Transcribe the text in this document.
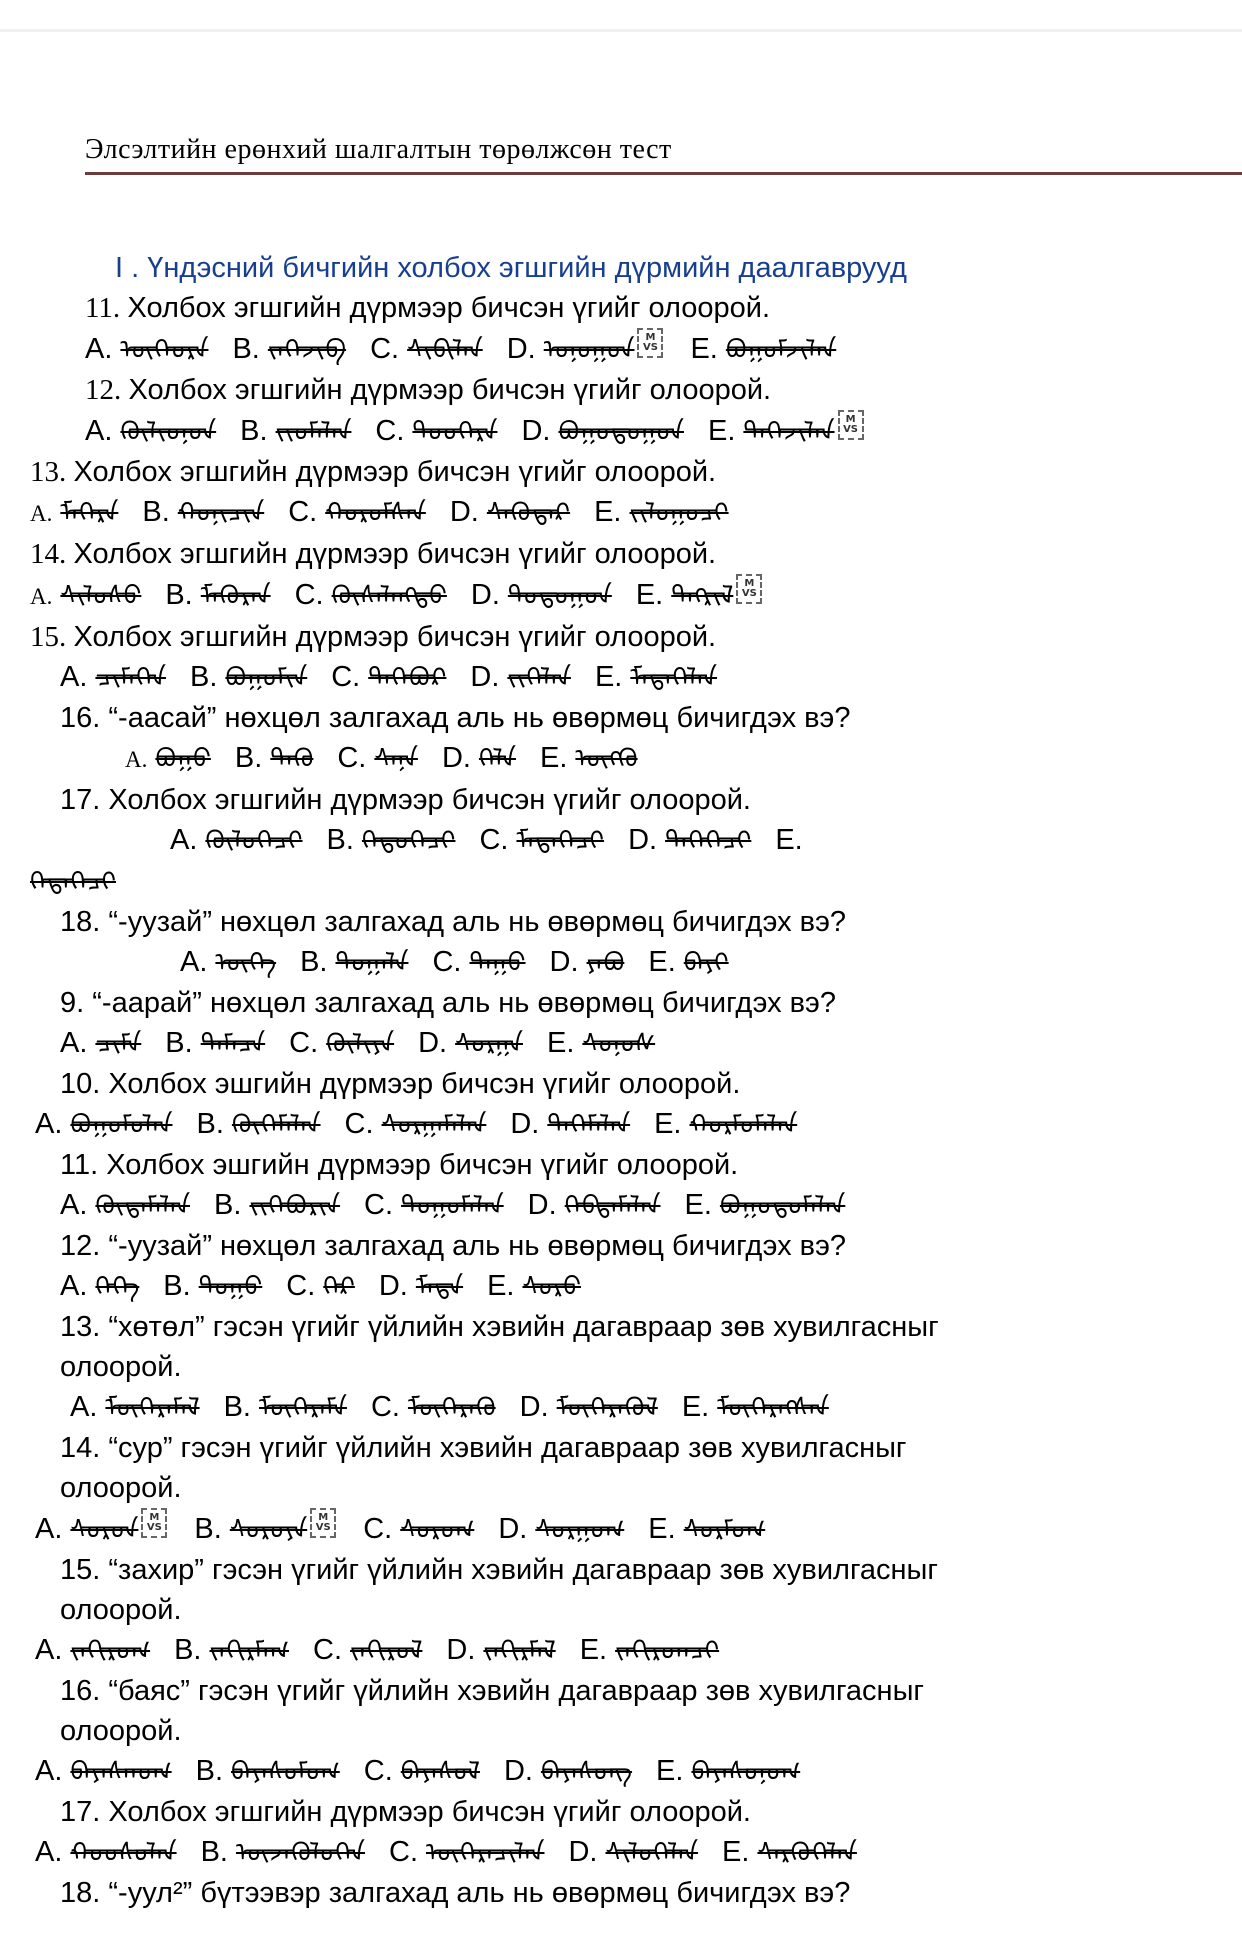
Элсэлтийн ерөнхий шалгалтын төрөлжсөн тест

I . Үндэсний бичгийн холбох эгшгийн дүрмийн даалгаврууд

11. Холбох эгшгийн дүрмээр бичсэн үгийг олоорой.

A. ᠥᠭᠡᠥᠷᠡ B. ᠵᠡᠭᠡᠵᠢᠪ C. ᠰᠢᠪᠢᠯᠠᠨ D. ᠣᠨᠣᠭᠣᠨ	M
VS E. ᠪᠣᠭᠣᠮᠵᠢᠯᠠᠨ

12. Холбох эгшгийн дүрмээр бичсэн үгийг олоорой.

A. ᠬᠥᠯᠢᠤᠨᠣᠨ B. ᠵᠢᠥᠮᠠᠯᠠᠨ C. ᠲᠣᠥᠭᠡᠷᠡ D. ᠪᠣᠭᠣᠲᠣᠭᠣᠨ E. ᠲᠡᠭᠡᠵᠢᠯᠡᠨ	M
VS

13. Холбох эгшгийн дүрмээр бичсэн үгийг олоорой.

A. ᠮᠡᠭᠡᠷᠡ B. ᠬᠣᠨᠢᠴᠢᠨ C. ᠬᠣᠷᠣᠮᠰᠠᠨ D. ᠰᠡᠭᠦᠳᠡᠷ E. ᠵᠢᠯᠣᠭᠣᠴᠢ

14. Холбох эгшгийн дүрмээр бичсэн үгийг олоорой.

A. ᠰᠢᠯᠦᠰᠦ B. ᠮᠡᠭᠦᠷᠡᠨ C. ᠬᠦᠰᠡᠯᠡᠩᠲᠦ D. ᠲᠣᠲᠣᠭᠣᠨ E. ᠲᠡᠭᠷᠢᠯ	M
VS

15. Холбох эгшгийн дүрмээр бичсэн үгийг олоорой.

A. ᠴᠢᠮᠡᠭᠡᠨ B. ᠪᠣᠭᠣᠮᠢᠨ C. ᠲᠡᠭᠡᠪᠦᠷ D. ᠵᠢᠭᠡᠯᠡᠨ E. ᠮᠡᠳᠡᠭᠡᠯᠡᠨ

16. “-аасай” нөхцөл залгахад аль нь өвөрмөц бичигдэх вэ?

A. ᠪᠣᠭᠣ B. ᠲᠡᠭᠦ C. ᠰᠠᠨᠠ D. ᠬᠡᠯᠡ E. ᠥᠭᠭᠦ

17. Холбох эгшгийн дүрмээр бичсэн үгийг олоорой.

A. ᠬᠥᠯᠥᠭᠡᠴᠢ B. ᠬᠡᠳᠦᠭᠡᠴᠢ C. ᠮᠡᠳᠡᠭᠡᠴᠢ D. ᠲᠡᠭᠡᠭᠡᠴᠢ E.

ᠬᠡᠳᠡᠭᠡᠴᠢ

18. “-уузай” нөхцөл залгахад аль нь өвөрмөц бичигдэх вэ?

A. ᠥᠭᠡ B. ᠲᠣᠭᠠᠯᠠ C. ᠳᠠᠭᠤ D. ᠶᠠᠪᠤ E. ᠪᠠᠶᠢ

9. “-аарай” нөхцөл залгахад аль нь өвөрмөц бичигдэх вэ?

A. ᠴᠢᠮᠡ B. ᠲᠡᠮᠡᠴᠡ C. ᠬᠦᠯᠢᠶᠡ D. ᠰᠤᠷᠭᠠ E. ᠰᠣᠨᠣᠰ

10. Холбох эшгийн дүрмээр бичсэн үгийг олоорой.

A. ᠪᠣᠭᠣᠮᠣᠯᠠᠨ B. ᠬᠥᠭᠡᠮᠡᠯᠡᠨ C. ᠰᠤᠷᠭᠠᠮᠠᠯᠠᠨ D. ᠲᠡᠭᠡᠮᠡᠯᠡᠨ E. ᠬᠣᠷᠮᠣᠮᠠᠯᠠᠨ

11. Холбох эшгийн дүрмээр бичсэн үгийг олоорой.

A. ᠬᠥᠳᠡᠮᠡᠯᠡᠨ B. ᠵᠢᠭᠡᠪᠦᠷᠢᠨ C. ᠲᠣᠭᠣᠮᠠᠯᠠᠨ D. ᠬᠡᠪᠲᠡᠮᠡᠯᠡᠨ E. ᠪᠣᠭᠣᠳᠣᠮᠠᠯᠠᠨ

12. “-уузай” нөхцөл залгахад аль нь өвөрмөц бичигдэх вэ?

A. ᠬᠡᠭᠡ B. ᠳᠤᠭᠤ C. ᠬᠡᠷ D. ᠮᠡᠳᠡ E. ᠰᠤᠷᠤ

13. “хөтөл” гэсэн үгийг үйлийн хэвийн дагавраар зөв хувилгасныг

олоорой.

A. ᠮᠥᠭᠡᠷᠡᠮᠡᠯ B. ᠮᠥᠭᠡᠷᠡᠮᠡ C. ᠮᠥᠭᠡᠷᠡᠬᠦ D. ᠮᠥᠭᠡᠷᠡᠭᠦᠯ E. ᠮᠥᠭᠡᠷᠡᠭᠰᠡᠨ

14. “сур” гэсэн үгийг үйлийн хэвийн дагавраар зөв хувилгасныг

олоорой.

A. ᠰᠤᠷᠤᠨ	M
VS B. ᠰᠤᠷᠤᠶᠠ	M
VS C. ᠰᠤᠷᠤᠭ D. ᠰᠤᠷᠭᠤᠭ E. ᠰᠤᠷᠮᠤᠭ

15. “захир” гэсэн үгийг үйлийн хэвийн дагавраар зөв хувилгасныг

олоорой.

A. ᠵᠠᠬᠢᠷᠤᠭ B. ᠵᠠᠬᠢᠷᠮᠠᠭ C. ᠵᠠᠬᠢᠷᠤᠯ D. ᠵᠠᠬᠢᠷᠮᠠᠯ E. ᠵᠠᠬᠢᠷᠤᠭᠴᠢ

16. “баяс” гэсэн үгийг үйлийн хэвийн дагавраар зөв хувилгасныг

олоорой.

A. ᠪᠠᠶᠠᠰᠬᠤᠭ B. ᠪᠠᠶᠠᠰᠤᠮᠤᠭ C. ᠪᠠᠶᠠᠰᠤᠯ D. ᠪᠠᠶᠠᠰᠤᠩ E. ᠪᠠᠶᠠᠰᠤᠨᠤᠭ

17. Холбох эгшгийн дүрмээр бичсэн үгийг олоорой.

A. ᠬᠣᠣᠰᠣᠯᠠᠨ B. ᠦᠵᠡᠭᠦᠯᠦᠭᠡᠨ C. ᠥᠭᠡᠷᠡᠴᠢᠯᠡᠨ D. ᠰᠢᠯᠦᠭᠡᠯᠡᠨ E. ᠰᠡᠷᠭᠦᠭᠡᠯᠡᠨ

18. “-уул²” бүтээвэр залгахад аль нь өвөрмөц бичигдэх вэ?
